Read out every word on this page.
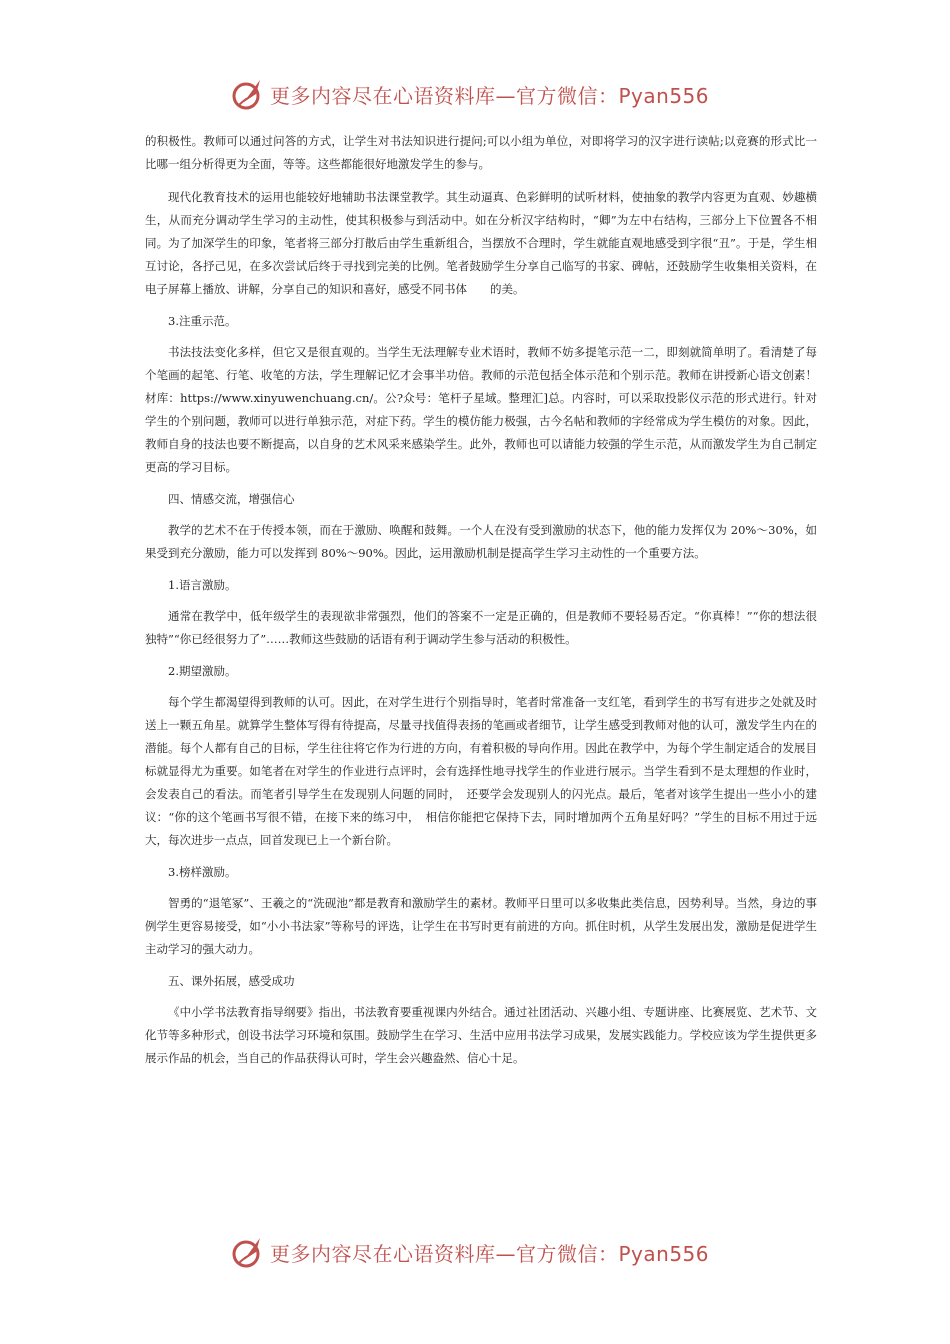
更多内容尽在心语资料库—官方微信：Pyan556

的积极性。教师可以通过问答的方式，让学生对书法知识进行提问;可以小组为单位，对即将学习的汉字进行读帖;以竞赛的形式比一比哪一组分析得更为全面，等等。这些都能很好地激发学生的参与。

现代化教育技术的运用也能较好地辅助书法课堂教学。其生动逼真、色彩鲜明的试听材料，使抽象的教学内容更为直观、妙趣横生，从而充分调动学生学习的主动性，使其积极参与到活动中。如在分析汉字结构时，“卿”为左中右结构，三部分上下位置各不相同。为了加深学生的印象，笔者将三部分打散后由学生重新组合，当摆放不合理时，学生就能直观地感受到字很“丑”。于是，学生相互讨论，各抒己见，在多次尝试后终于寻找到完美的比例。笔者鼓励学生分享自己临写的书家、碑帖，还鼓励学生收集相关资料，在电子屏幕上播放、讲解，分享自己的知识和喜好，感受不同书体　　的美。

3.注重示范。

书法技法变化多样，但它又是很直观的。当学生无法理解专业术语时，教师不妨多提笔示范一二，即刻就简单明了。看清楚了每个笔画的起笔、行笔、收笔的方法，学生理解记忆才会事半功倍。教师的示范包括全体示范和个别示范。教师在讲授新心语文创素！材库：https://www.xinyuwenchuang.cn/。公?众号：笔杆子星域。整理汇]总。内容时，可以采取投影仪示范的形式进行。针对学生的个别问题，教师可以进行单独示范，对症下药。学生的模仿能力极强，古今名帖和教师的字经常成为学生模仿的对象。因此，教师自身的技法也要不断提高，以自身的艺术风采来感染学生。此外，教师也可以请能力较强的学生示范，从而激发学生为自己制定更高的学习目标。

四、情感交流，增强信心

教学的艺术不在于传授本领，而在于激励、唤醒和鼓舞。一个人在没有受到激励的状态下，他的能力发挥仅为 20%～30%，如果受到充分激励，能力可以发挥到 80%～90%。因此，运用激励机制是提高学生学习主动性的一个重要方法。

1.语言激励。

通常在教学中，低年级学生的表现欲非常强烈，他们的答案不一定是正确的，但是教师不要轻易否定。“你真棒！”“你的想法很独特”“你已经很努力了”……教师这些鼓励的话语有利于调动学生参与活动的积极性。

2.期望激励。

每个学生都渴望得到教师的认可。因此，在对学生进行个别指导时，笔者时常准备一支红笔，看到学生的书写有进步之处就及时送上一颗五角星。就算学生整体写得有待提高，尽量寻找值得表扬的笔画或者细节，让学生感受到教师对他的认可，激发学生内在的潜能。每个人都有自己的目标，学生往往将它作为行进的方向，有着积极的导向作用。因此在教学中，为每个学生制定适合的发展目标就显得尤为重要。如笔者在对学生的作业进行点评时，会有选择性地寻找学生的作业进行展示。当学生看到不是太理想的作业时，会发表自己的看法。而笔者引导学生在发现别人问题的同时，　还要学会发现别人的闪光点。最后，笔者对该学生提出一些小小的建议：“你的这个笔画书写很不错，在接下来的练习中，　相信你能把它保持下去，同时增加两个五角星好吗？”学生的目标不用过于远大，每次进步一点点，回首发现已上一个新台阶。

3.榜样激励。

智勇的“退笔冢”、王羲之的“洗砚池”都是教育和激励学生的素材。教师平日里可以多收集此类信息，因势利导。当然，身边的事例学生更容易接受，如“小小书法家”等称号的评选，让学生在书写时更有前进的方向。抓住时机，从学生发展出发，激励是促进学生主动学习的强大动力。

五、课外拓展，感受成功

《中小学书法教育指导纲要》指出，书法教育要重视课内外结合。通过社团活动、兴趣小组、专题讲座、比赛展览、艺术节、文化节等多种形式，创设书法学习环境和氛围。鼓励学生在学习、生活中应用书法学习成果，发展实践能力。学校应该为学生提供更多展示作品的机会，当自己的作品获得认可时，学生会兴趣盎然、信心十足。

更多内容尽在心语资料库—官方微信：Pyan556
